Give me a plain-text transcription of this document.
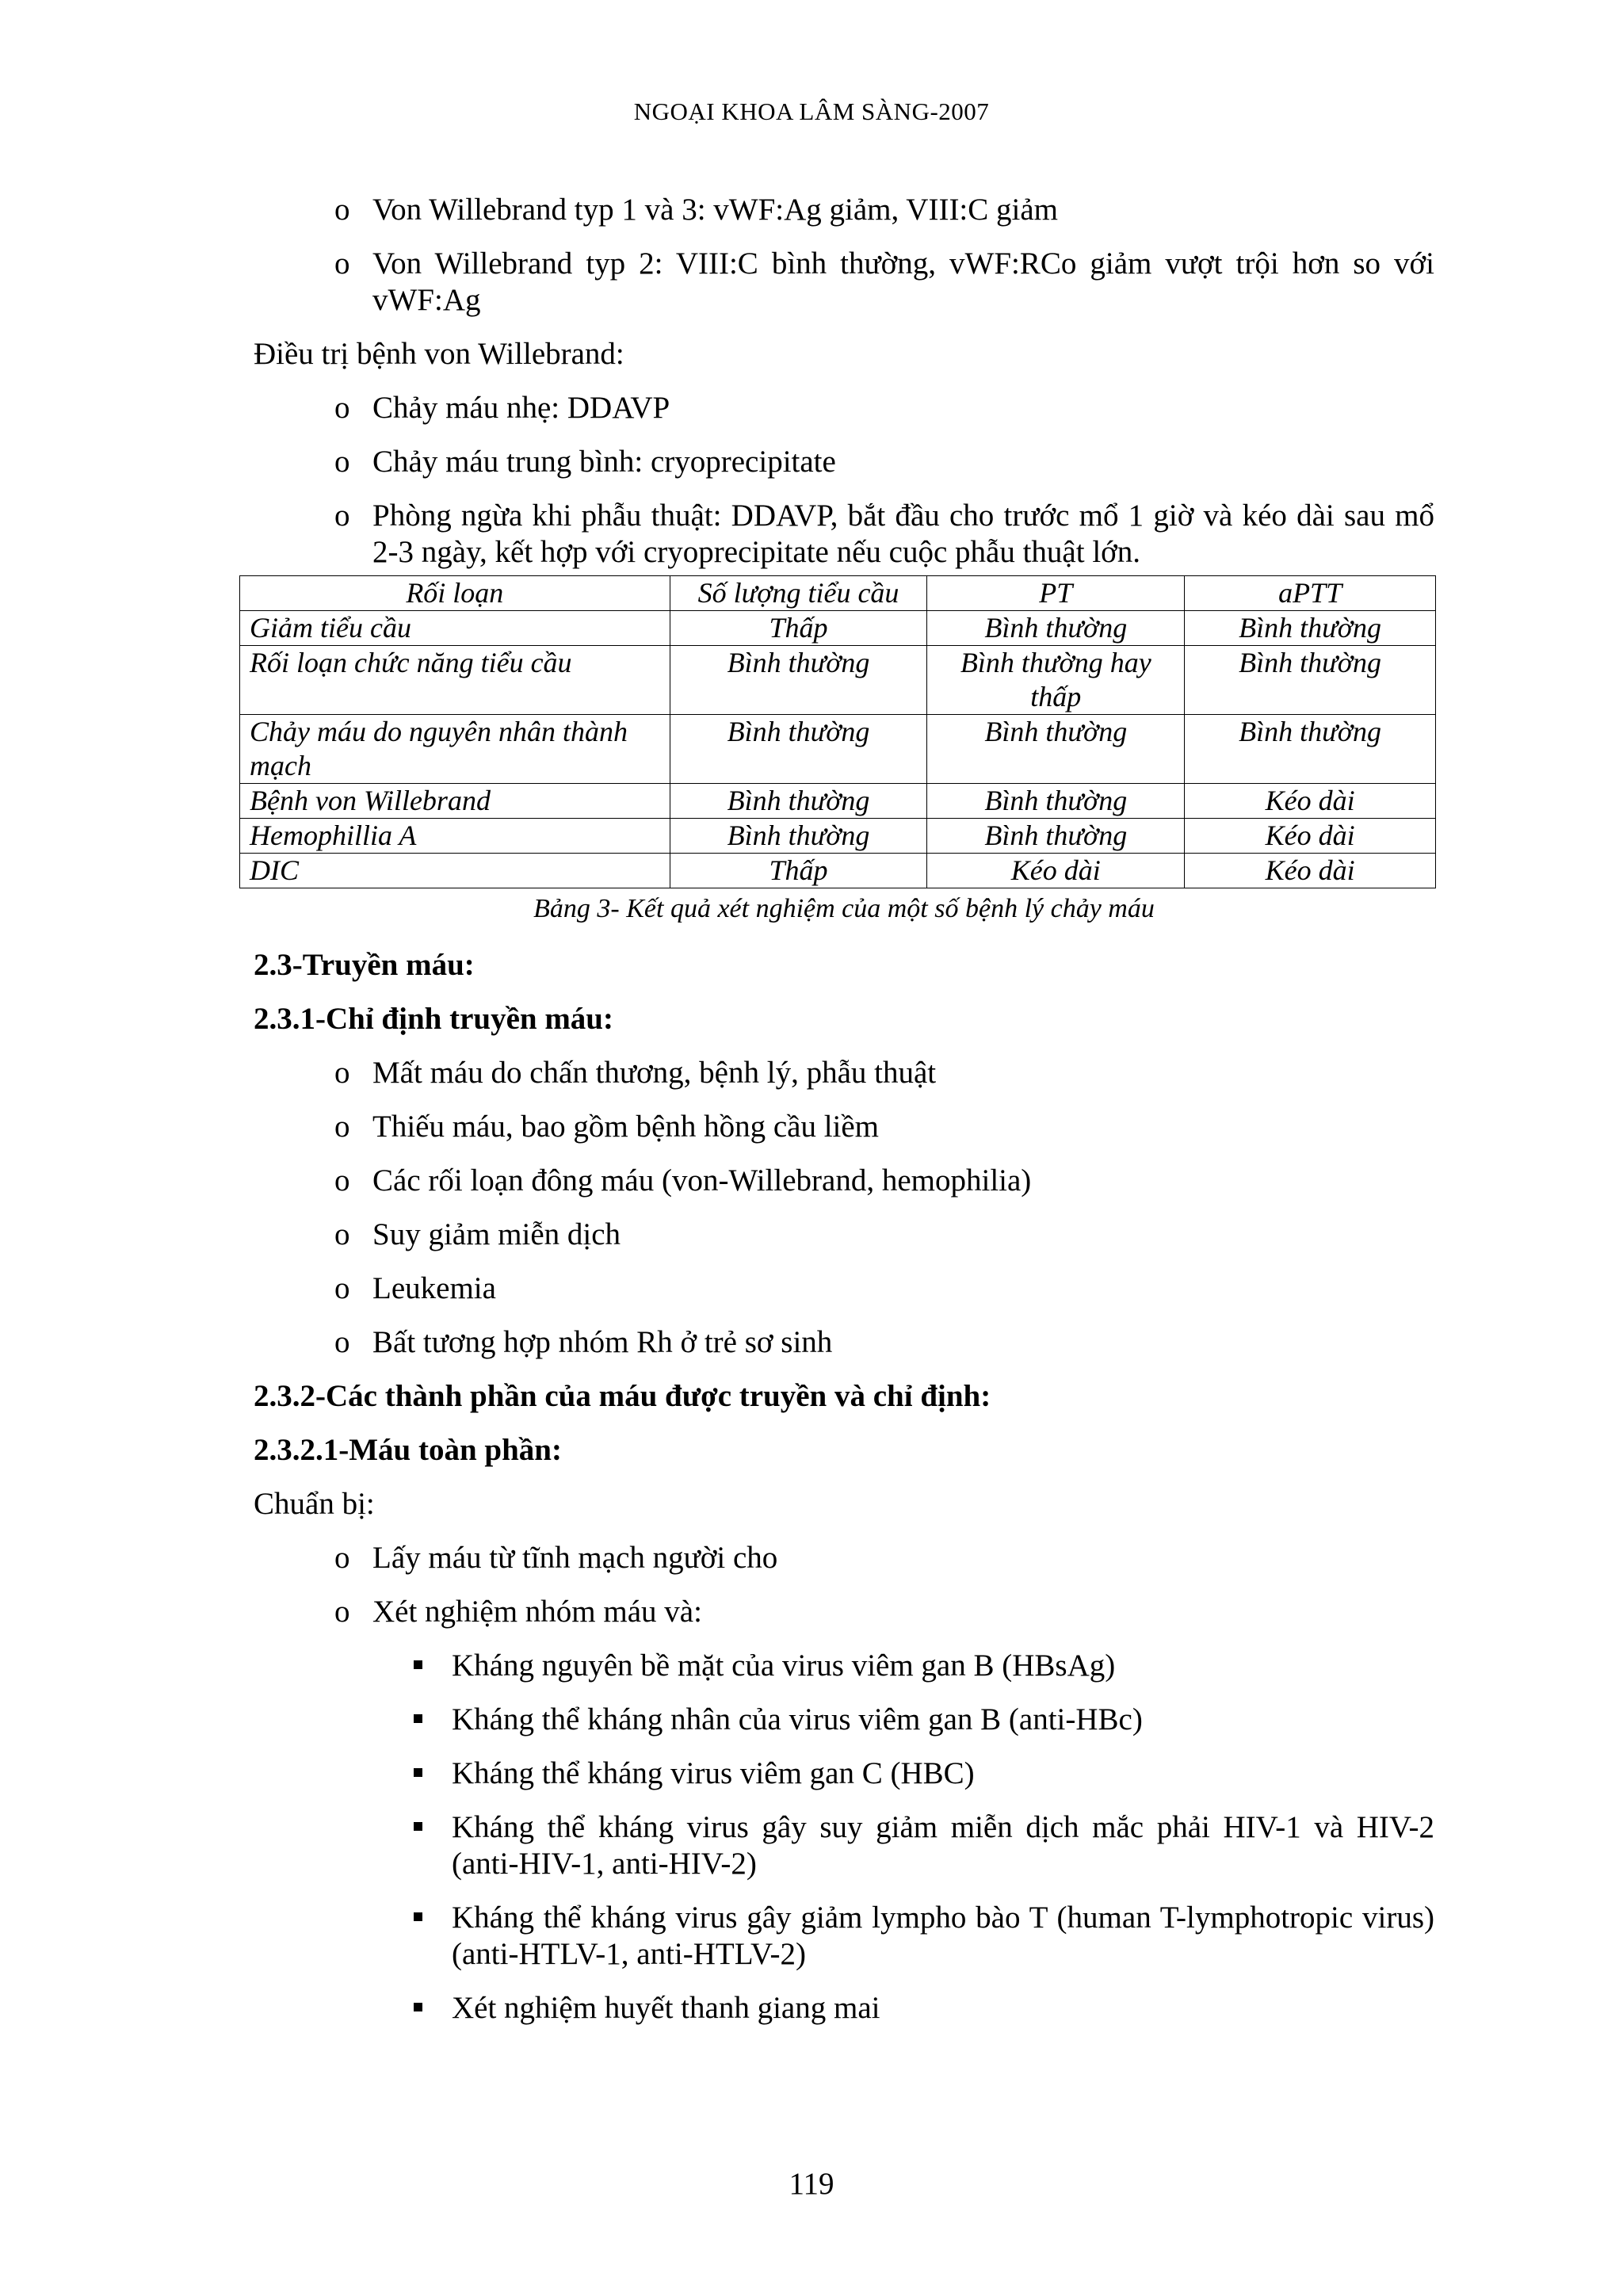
NGOẠI KHOA LÂM SÀNG-2007
o Von Willebrand typ 1 và 3: vWF:Ag giảm, VIII:C giảm
o Von Willebrand typ 2: VIII:C bình thường, vWF:RCo giảm vượt trội hơn so với vWF:Ag
Điều trị bệnh von Willebrand:
o Chảy máu nhẹ: DDAVP
o Chảy máu trung bình: cryoprecipitate
o Phòng ngừa khi phẫu thuật: DDAVP, bắt đầu cho trước mổ 1 giờ và kéo dài sau mổ 2-3 ngày, kết hợp với cryoprecipitate nếu cuộc phẫu thuật lớn.
Rối loạn	Số lượng tiểu cầu	PT	aPTT
Giảm tiểu cầu	Thấp	Bình thường	Bình thường
Rối loạn chức năng tiểu cầu	Bình thường	Bình thường hay thấp	Bình thường
Chảy máu do nguyên nhân thành mạch	Bình thường	Bình thường	Bình thường
Bệnh von Willebrand	Bình thường	Bình thường	Kéo dài
Hemophillia A	Bình thường	Bình thường	Kéo dài
DIC	Thấp	Kéo dài	Kéo dài
Bảng 3- Kết quả xét nghiệm của một số bệnh lý chảy máu
2.3-Truyền máu:
2.3.1-Chỉ định truyền máu:
o Mất máu do chấn thương, bệnh lý, phẫu thuật
o Thiếu máu, bao gồm bệnh hồng cầu liềm
o Các rối loạn đông máu (von-Willebrand, hemophilia)
o Suy giảm miễn dịch
o Leukemia
o Bất tương hợp nhóm Rh ở trẻ sơ sinh
2.3.2-Các thành phần của máu được truyền và chỉ định:
2.3.2.1-Máu toàn phần:
Chuẩn bị:
o Lấy máu từ tĩnh mạch người cho
o Xét nghiệm nhóm máu và:
Kháng nguyên bề mặt của virus viêm gan B (HBsAg)
Kháng thể kháng nhân của virus viêm gan B (anti-HBc)
Kháng thể kháng virus viêm gan C (HBC)
Kháng thể kháng virus gây suy giảm miễn dịch mắc phải HIV-1 và HIV-2 (anti-HIV-1, anti-HIV-2)
Kháng thể kháng virus gây giảm lympho bào T (human T-lymphotropic virus) (anti-HTLV-1, anti-HTLV-2)
Xét nghiệm huyết thanh giang mai
119
